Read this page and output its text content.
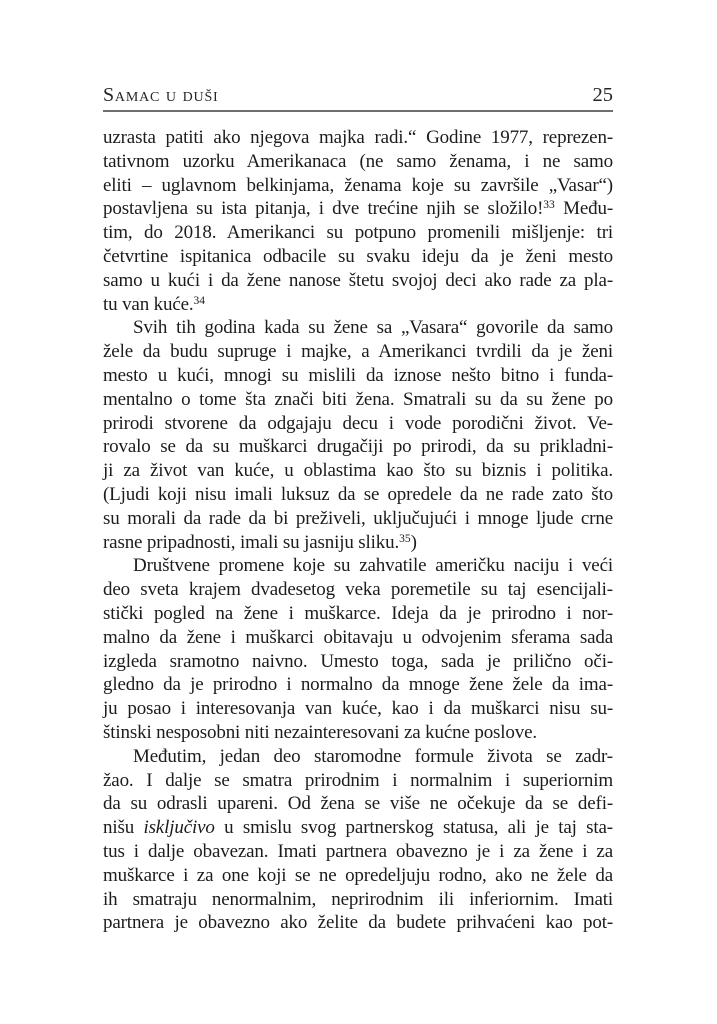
Samac u duši	25
uzrasta patiti ako njegova majka radi.“ Godine 1977, reprezen-
tativnom uzorku Amerikanaca (ne samo ženama, i ne samo
eliti – uglavnom belkinjama, ženama koje su završile „Vasar“)
postavljena su ista pitanja, i dve trećine njih se složilo!$^{33}$ Među-
tim, do 2018. Amerikanci su potpuno promenili mišljenje: tri
četvrtine ispitanica odbacile su svaku ideju da je ženi mesto
samo u kući i da žene nanose štetu svojoj deci ako rade za pla-
tu van kuće.$^{34}$
Svih tih godina kada su žene sa „Vasara“ govorile da samo
žele da budu supruge i majke, a Amerikanci tvrdili da je ženi
mesto u kući, mnogi su mislili da iznose nešto bitno i funda-
mentalno o tome šta znači biti žena. Smatrali su da su žene po
prirodi stvorene da odgajaju decu i vode porodični život. Ve-
rovalo se da su muškarci drugačiji po prirodi, da su prikladni-
ji za život van kuće, u oblastima kao što su biznis i politika.
(Ljudi koji nisu imali luksuz da se opredele da ne rade zato što
su morali da rade da bi preživeli, uključujući i mnoge ljude crne
rasne pripadnosti, imali su jasniju sliku.$^{35}$)
Društvene promene koje su zahvatile američku naciju i veći
deo sveta krajem dvadesetog veka poremetile su taj esencijali-
stički pogled na žene i muškarce. Ideja da je prirodno i nor-
malno da žene i muškarci obitavaju u odvojenim sferama sada
izgleda sramotno naivno. Umesto toga, sada je prilično oči-
gledno da je prirodno i normalno da mnoge žene žele da ima-
ju posao i interesovanja van kuće, kao i da muškarci nisu su-
štinski nesposobni niti nezainteresovani za kućne poslove.
Međutim, jedan deo staromodne formule života se zadr-
žao. I dalje se smatra prirodnim i normalnim i superiornim
da su odrasli upareni. Od žena se više ne očekuje da se defi-
nišu isključivo u smislu svog partnerskog statusa, ali je taj sta-
tus i dalje obavezan. Imati partnera obavezno je i za žene i za
muškarce i za one koji se ne opredeljuju rodno, ako ne žele da
ih smatraju nenormalnim, neprirodnim ili inferiornim. Imati
partnera je obavezno ako želite da budete prihvaćeni kao pot-
